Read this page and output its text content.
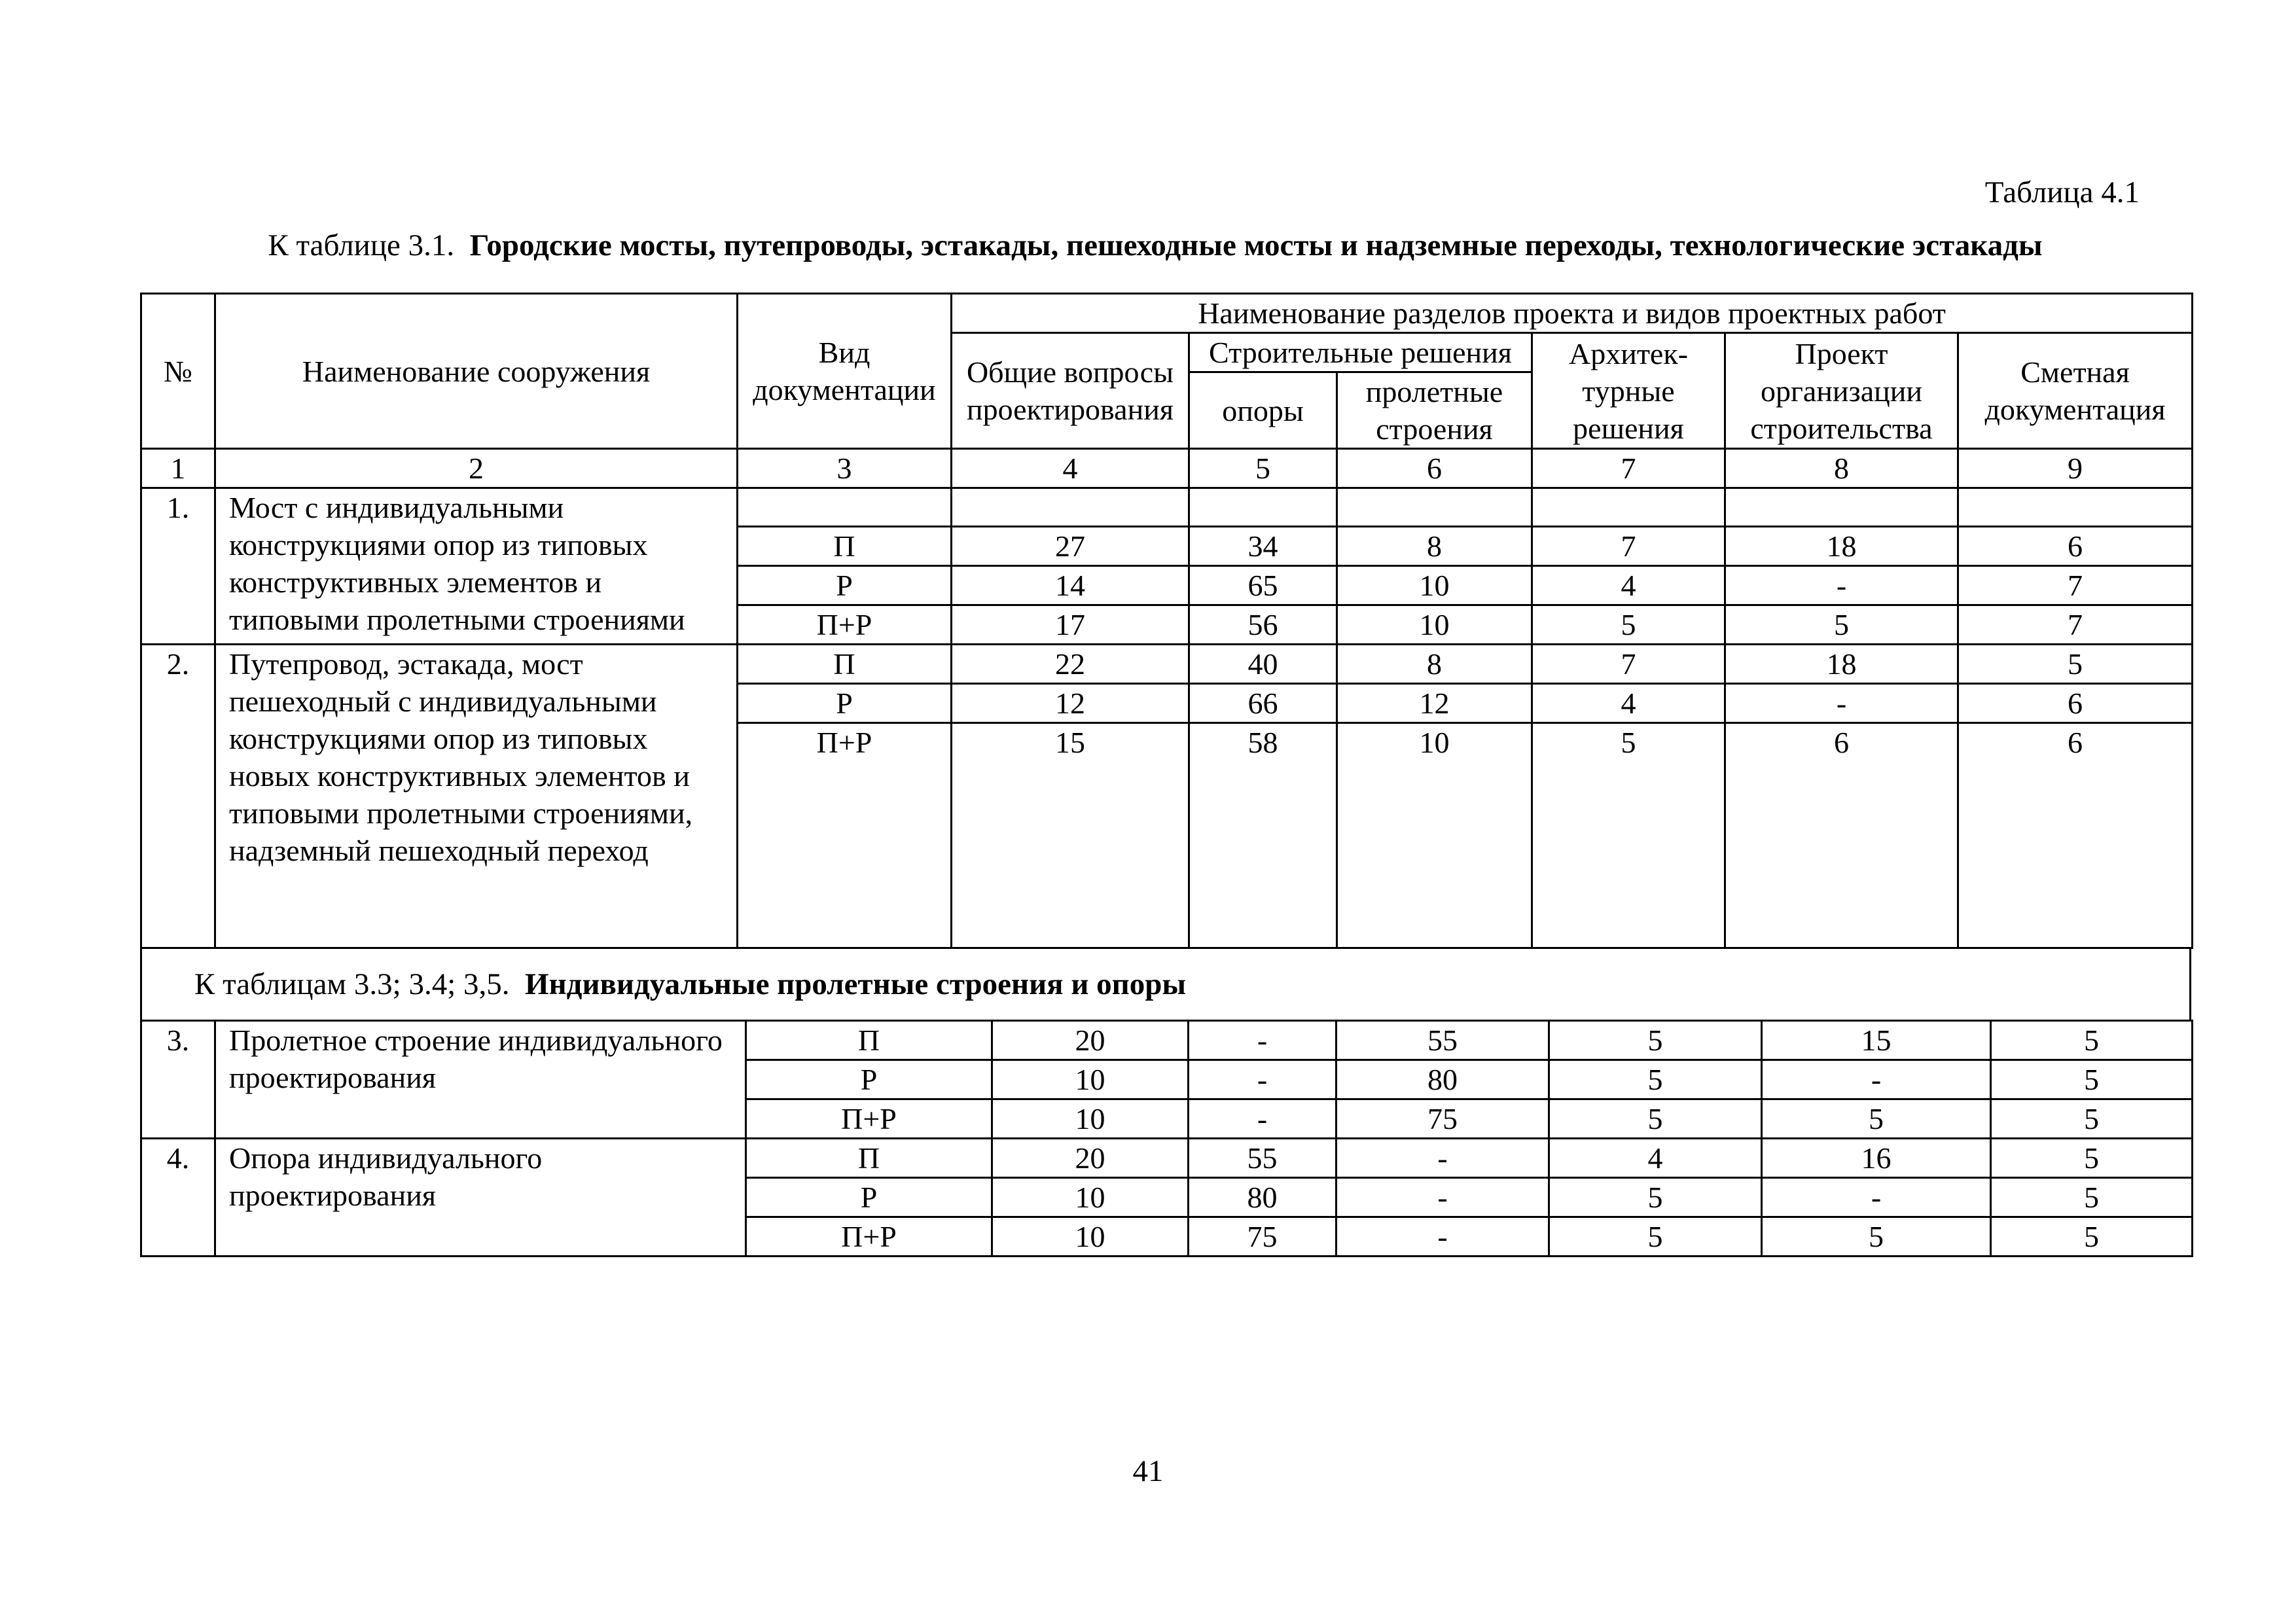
Таблица 4.1
К таблице 3.1. Городские мосты, путепроводы, эстакады, пешеходные мосты и надземные переходы, технологические эстакады
№	Наименование сооружения	Вид документации	Наименование разделов проекта и видов проектных работ					
			Общие вопросы проектирования	Строительные решения		Архитек-турные решения	Проект организации строительства	Сметная документация
				опоры	пролетные строения			
1	2	3	4	5	6	7	8	9
1.	Мост с индивидуальными конструкциями опор из типовых конструктивных элементов и типовыми пролетными строениями							
		П	27	34	8	7	18	6
		Р	14	65	10	4	-	7
		П+Р	17	56	10	5	5	7
2.	Путепровод, эстакада, мост пешеходный с индивидуальными конструкциями опор из типовых новых конструктивных элементов и типовыми пролетными строениями, надземный пешеходный переход	П	22	40	8	7	18	5
		Р	12	66	12	4	-	6
		П+Р	15	58	10	5	6	6
К таблицам 3.3; 3.4; 3,5. Индивидуальные пролетные строения и опоры
3.	Пролетное строение индивидуального проектирования	П	20	-	55	5	15	5
		Р	10	-	80	5	-	5
		П+Р	10	-	75	5	5	5
4.	Опора индивидуального проектирования	П	20	55	-	4	16	5
		Р	10	80	-	5	-	5
		П+Р	10	75	-	5	5	5
41
